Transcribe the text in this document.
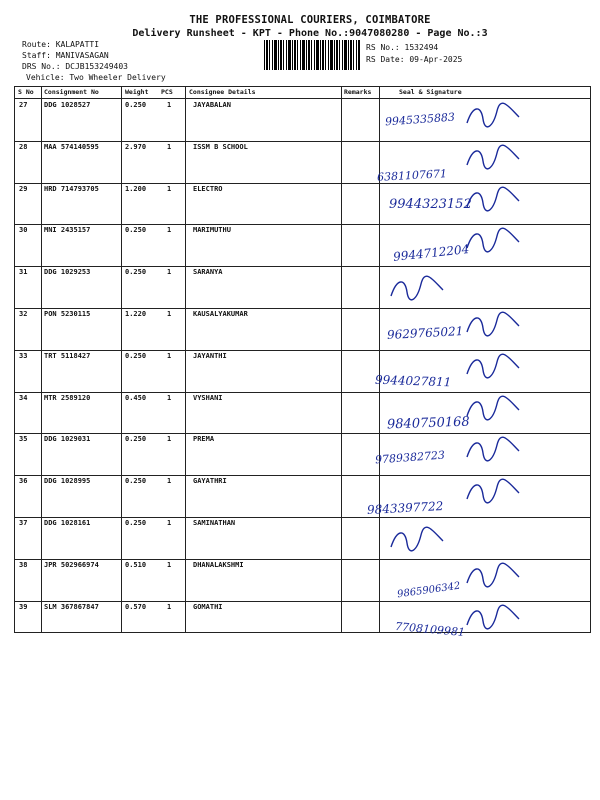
THE PROFESSIONAL COURIERS, COIMBATORE
Delivery Runsheet - KPT - Phone No.:9047080280 - Page No.:3
Route: KALAPATTI
Staff: MANIVASAGAN
DRS No.: DCJB153249403
Vehicle: Two Wheeler Delivery
RS No.: 1532494
RS Date: 09-Apr-2025
S No Consignment No	Weight PCS	Consignee Details	Remarks	Seal & Signature
27 DDG 1028527	0.250	1	JAYABALAN
9945335883
28 MAA 574140595	2.970	1	ISSM B SCHOOL
6381107671
29 HRD 714793705	1.200	1	ELECTRO
9944323152
30 MNI 2435157	0.250	1	MARIMUTHU
9944712204
31 DDG 1029253	0.250	1	SARANYA
32 PON 5230115	1.220	1	KAUSALYAKUMAR
9629765021
33 TRT 5118427	0.250	1	JAYANTHI
9944027811
34 MTR 2589120	0.450	1	VYSHANI
9840750168
35 DDG 1029031	0.250	1	PREMA
9789382723
36 DDG 1028995	0.250	1	GAYATHRI
9843397722
37 DDG 1028161	0.250	1	SAMINATHAN
38 JPR 502966974	0.510	1	DHANALAKSHMI
9865906342
39 SLM 367867847	0.570	1	GOMATHI
7708109981
